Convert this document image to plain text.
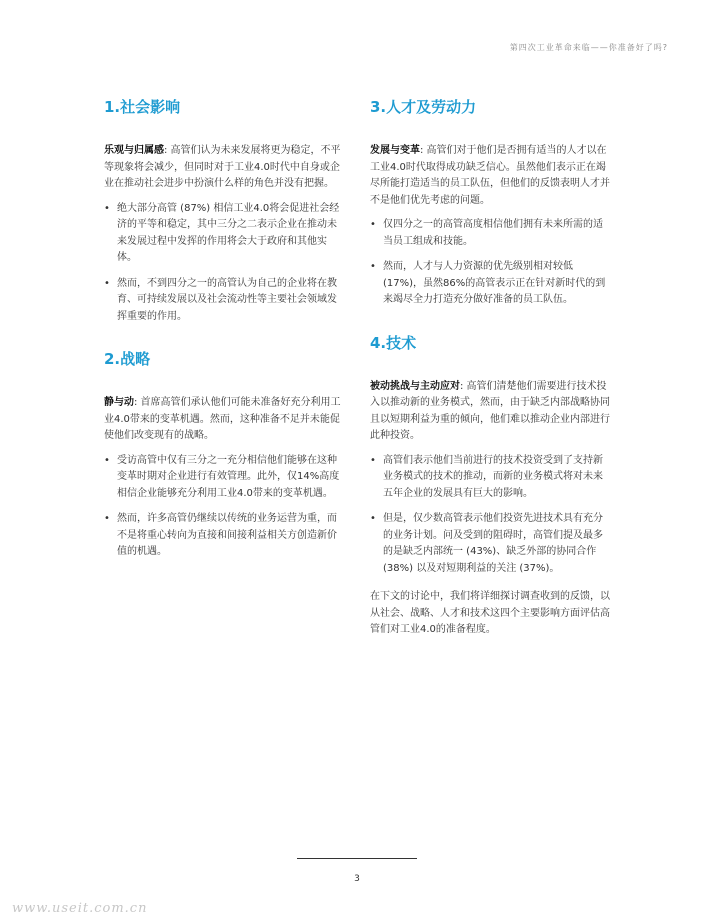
第四次工业革命来临——你准备好了吗?
1.社会影响

乐观与归属感: 高管们认为未来发展将更为稳定，不平等现象将会减少，但同时对于工业4.0时代中自身或企业在推动社会进步中扮演什么样的角色并没有把握。

• 绝大部分高管 (87%) 相信工业4.0将会促进社会经济的平等和稳定，其中三分之二表示企业在推动未来发展过程中发挥的作用将会大于政府和其他实体。
• 然而，不到四分之一的高管认为自己的企业将在教育、可持续发展以及社会流动性等主要社会领域发挥重要的作用。
2.战略

静与动: 首席高管们承认他们可能未准备好充分利用工业4.0带来的变革机遇。然而，这种准备不足并未能促使他们改变现有的战略。

• 受访高管中仅有三分之一充分相信他们能够在这种变革时期对企业进行有效管理。此外，仅14%高度相信企业能够充分利用工业4.0带来的变革机遇。
• 然而，许多高管仍继续以传统的业务运营为重，而不是将重心转向为直接和间接利益相关方创造新价值的机遇。
3.人才及劳动力

发展与变革: 高管们对于他们是否拥有适当的人才以在工业4.0时代取得成功缺乏信心。虽然他们表示正在竭尽所能打造适当的员工队伍，但他们的反馈表明人才并不是他们优先考虑的问题。

• 仅四分之一的高管高度相信他们拥有未来所需的适当员工组成和技能。
• 然而，人才与人力资源的优先级别相对较低 (17%)，虽然86%的高管表示正在针对新时代的到来竭尽全力打造充分做好准备的员工队伍。
4.技术

被动挑战与主动应对: 高管们清楚他们需要进行技术投入以推动新的业务模式，然而，由于缺乏内部战略协同且以短期利益为重的倾向，他们难以推动企业内部进行此种投资。

• 高管们表示他们当前进行的技术投资受到了支持新业务模式的技术的推动，而新的业务模式将对未来五年企业的发展具有巨大的影响。
• 但是，仅少数高管表示他们投资先进技术具有充分的业务计划。问及受到的阻碍时，高管们提及最多的是缺乏内部统一 (43%)、缺乏外部的协同合作 (38%) 以及对短期利益的关注 (37%)。

在下文的讨论中，我们将详细探讨调查收到的反馈，以从社会、战略、人才和技术这四个主要影响方面评估高管们对工业4.0的准备程度。

3
www.useit.com.cn
